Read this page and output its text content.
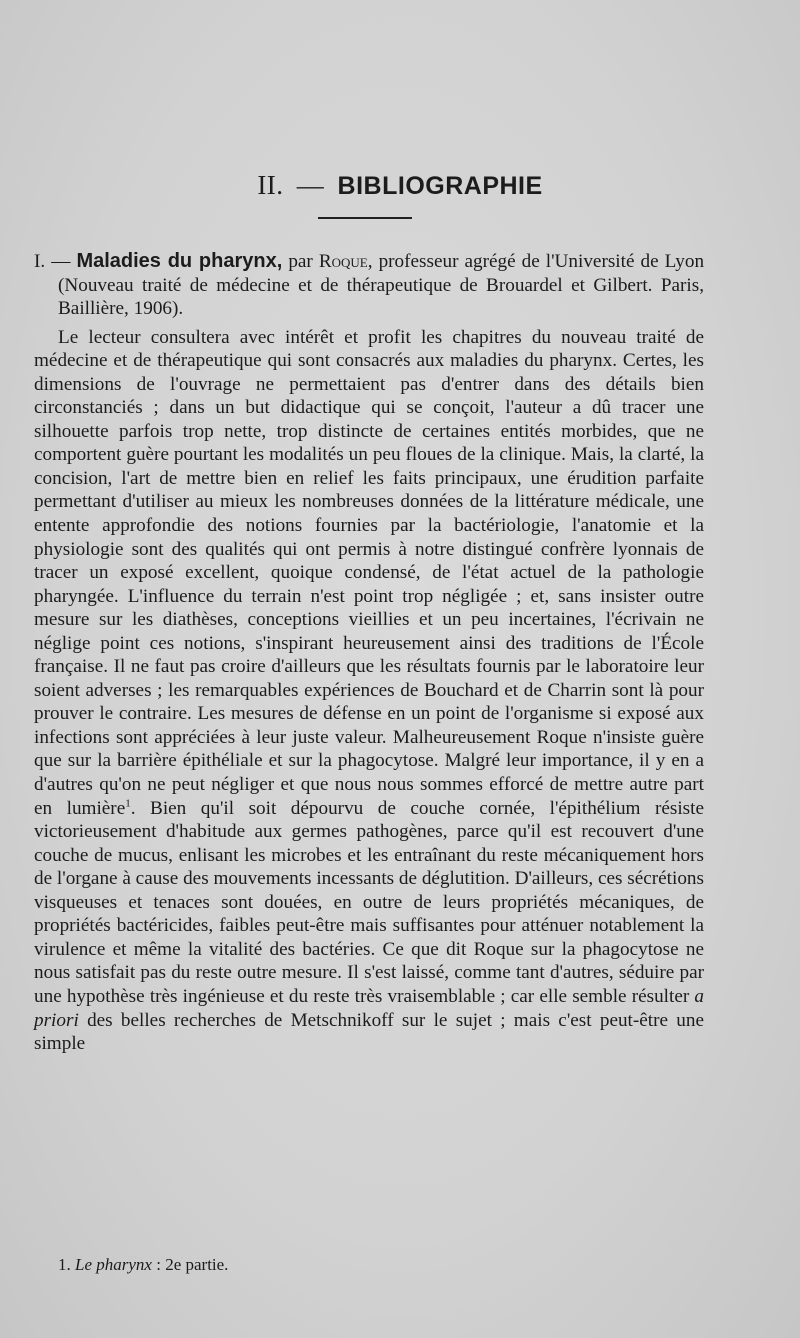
II. — BIBLIOGRAPHIE

I. — Maladies du pharynx, par Roque, professeur agrégé de l'Université de Lyon (Nouveau traité de médecine et de thérapeutique de Brouardel et Gilbert. Paris, Baillière, 1906).

Le lecteur consultera avec intérêt et profit les chapitres du nouveau traité de médecine et de thérapeutique qui sont consacrés aux maladies du pharynx. Certes, les dimensions de l'ouvrage ne permettaient pas d'entrer dans des détails bien circonstanciés ; dans un but didactique qui se conçoit, l'auteur a dû tracer une silhouette parfois trop nette, trop distincte de certaines entités morbides, que ne comportent guère pourtant les modalités un peu floues de la clinique. Mais, la clarté, la concision, l'art de mettre bien en relief les faits principaux, une érudition parfaite permettant d'utiliser au mieux les nombreuses données de la littérature médicale, une entente approfondie des notions fournies par la bactériologie, l'anatomie et la physiologie sont des qualités qui ont permis à notre distingué confrère lyonnais de tracer un exposé excellent, quoique condensé, de l'état actuel de la pathologie pharyngée. L'influence du terrain n'est point trop négligée ; et, sans insister outre mesure sur les diathèses, conceptions vieillies et un peu incertaines, l'écrivain ne néglige point ces notions, s'inspirant heureusement ainsi des traditions de l'École française. Il ne faut pas croire d'ailleurs que les résultats fournis par le laboratoire leur soient adverses ; les remarquables expériences de Bouchard et de Charrin sont là pour prouver le contraire. Les mesures de défense en un point de l'organisme si exposé aux infections sont appréciées à leur juste valeur. Malheureusement Roque n'insiste guère que sur la barrière épithéliale et sur la phagocytose. Malgré leur importance, il y en a d'autres qu'on ne peut négliger et que nous nous sommes efforcé de mettre autre part en lumière$^1$. Bien qu'il soit dépourvu de couche cornée, l'épithélium résiste victorieusement d'habitude aux germes pathogènes, parce qu'il est recouvert d'une couche de mucus, enlisant les microbes et les entraînant du reste mécaniquement hors de l'organe à cause des mouvements incessants de déglutition. D'ailleurs, ces sécrétions visqueuses et tenaces sont douées, en outre de leurs propriétés mécaniques, de propriétés bactéricides, faibles peut-être mais suffisantes pour atténuer notablement la virulence et même la vitalité des bactéries. Ce que dit Roque sur la phagocytose ne nous satisfait pas du reste outre mesure. Il s'est laissé, comme tant d'autres, séduire par une hypothèse très ingénieuse et du reste très vraisemblable ; car elle semble résulter a priori des belles recherches de Metschnikoff sur le sujet ; mais c'est peut-être une simple

1. Le pharynx : 2e partie.
